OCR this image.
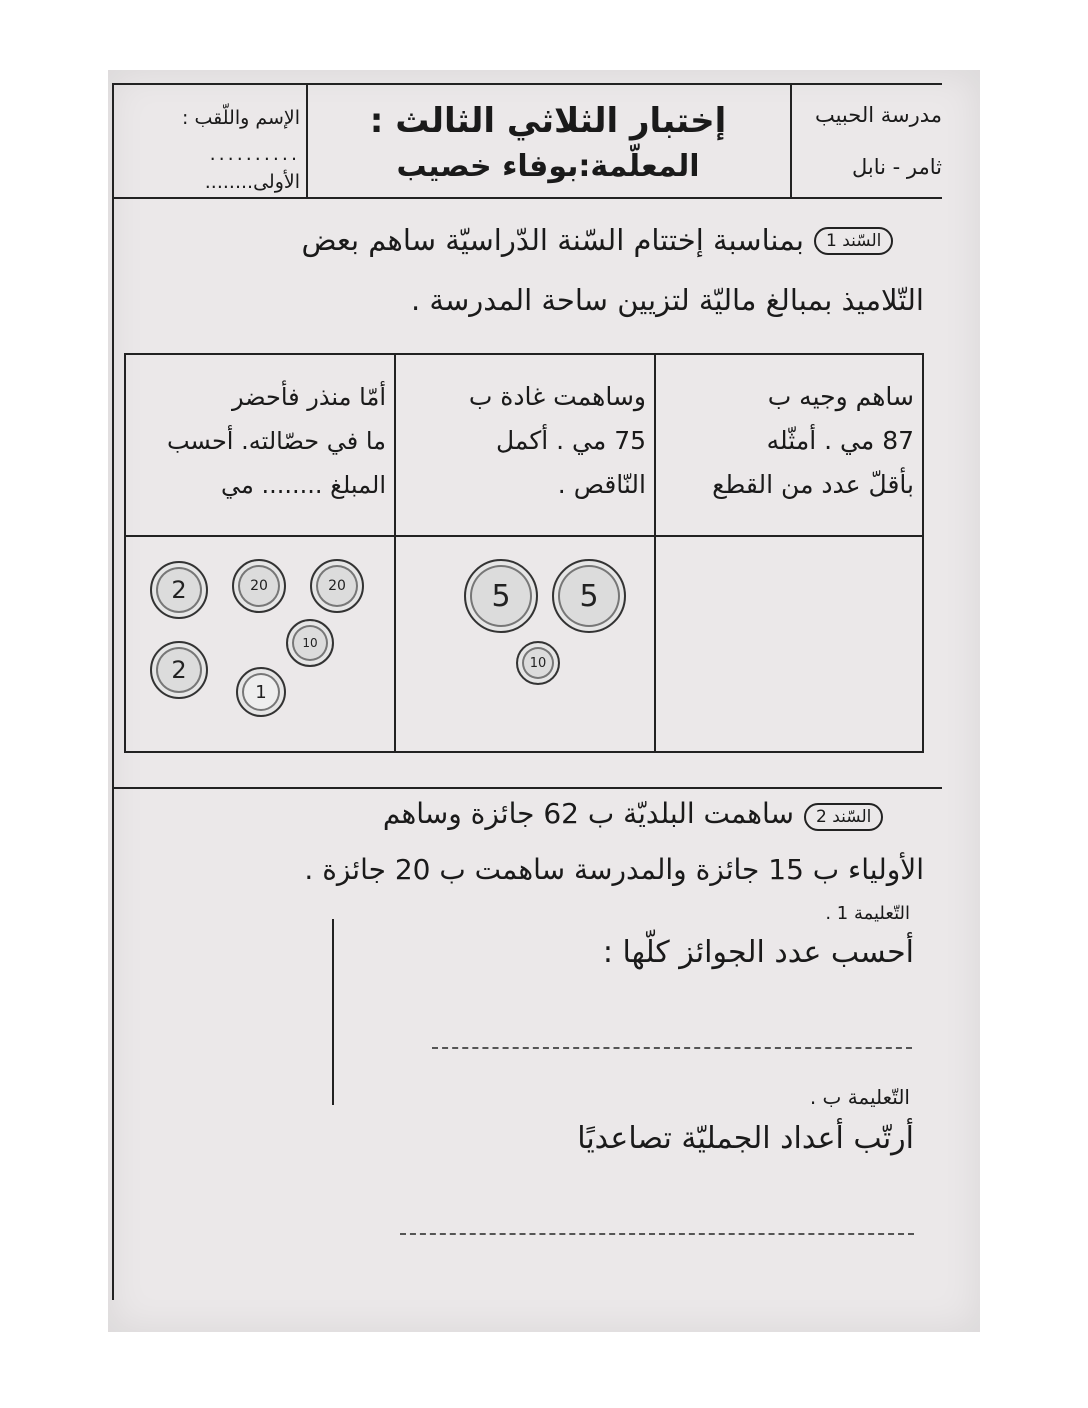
الإسم واللّقب :
..........
الأولى........
إختبار الثلاثي الثالث :
المعلّمة:بوفاء خصيب
مدرسة الحبيب
ثامر - نابل
السّند 1
بمناسبة إختتام السّنة الدّراسيّة ساهم بعض
التّلاميذ بمبالغ ماليّة لتزيين ساحة المدرسة .
ساهم وجيه ب
87 مي . أمثّله
بأقلّ عدد من القطع
وساهمت غادة ب
75 مي . أكمل
النّاقص .
أمّا منذر فأحضر
ما في حصّالته. أحسب
المبلغ ........ مي
5 5
10
2	20	20
10
2
1
السّند 2
ساهمت البلديّة ب 62 جائزة وساهم
الأولياء ب 15 جائزة والمدرسة ساهمت ب 20 جائزة .
التّعليمة 1 .
أحسب عدد الجوائز كلّها :
التّعليمة ب .
أرتّب أعداد الجمليّة تصاعديًا
